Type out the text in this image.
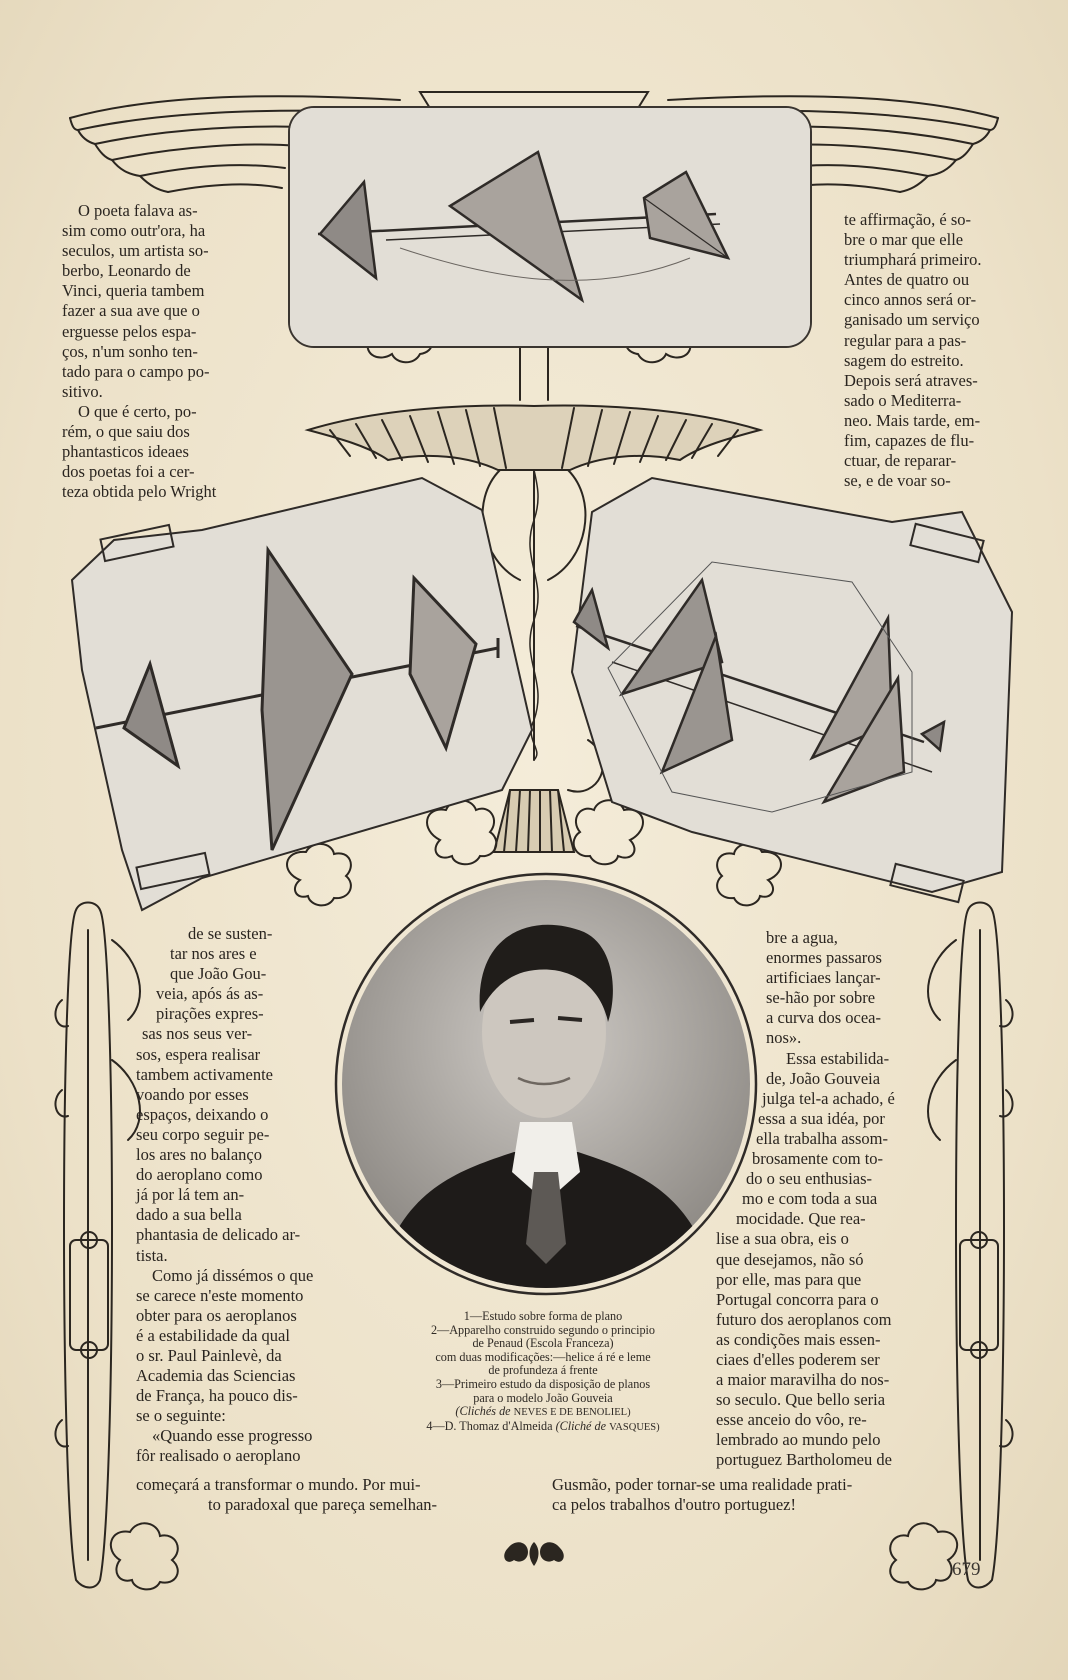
O poeta falava as-

sim como outr'ora, ha

seculos, um artista so-

berbo, Leonardo de

Vinci, queria tambem

fazer a sua ave que o

erguesse pelos espa-

ços, n'um sonho ten-

tado para o campo po-

sitivo.

O que é certo, po-

rém, o que saiu dos

phantasticos ideaes

dos poetas foi a cer-

teza obtida pelo Wright

te affirmação, é so-

bre o mar que elle

triumphará primeiro.

Antes de quatro ou

cinco annos será or-

ganisado um serviço

regular para a pas-

sagem do estreito.

Depois será atraves-

sado o Mediterra-

neo. Mais tarde, em-

fim, capazes de flu-

ctuar, de reparar-

se, e de voar so-

de se susten-

tar nos ares e

que João Gou-

veia, após ás as-

pirações expres-

sas nos seus ver-

sos, espera realisar

tambem activamente

voando por esses

espaços, deixando o

seu corpo seguir pe-

los ares no balanço

do aeroplano como

já por lá tem an-

dado a sua bella

phantasia de delicado ar-

tista.

Como já dissémos o que

se carece n'este momento

obter para os aeroplanos

é a estabilidade da qual

o sr. Paul Painlevè, da

Academia das Sciencias

de França, ha pouco dis-

se o seguinte:

«Quando esse progresso

fôr realisado o aeroplano

bre a agua,

enormes passaros

artificiaes lançar-

se-hão por sobre

a curva dos ocea-

nos».

Essa estabilida-

de, João Gouveia

julga tel-a achado, é

essa a sua idéa, por

ella trabalha assom-

brosamente com to-

do o seu enthusias-

mo e com toda a sua

mocidade. Que rea-

lise a sua obra, eis o

que desejamos, não só

por elle, mas para que

Portugal concorra para o

futuro dos aeroplanos com

as condições mais essen-

ciaes d'elles poderem ser

a maior maravilha do nos-

so seculo. Que bello seria

esse anceio do vôo, re-

lembrado ao mundo pelo

portuguez Bartholomeu de

começará a transformar o mundo. Por mui-

to paradoxal que pareça semelhan-

Gusmão, poder tornar-se uma realidade prati-

ca pelos trabalhos d'outro portuguez!

1—Estudo sobre forma de plano
2—Apparelho construido segundo o principio
de Penaud (Escola Franceza)
com duas modificações:—helice á ré e leme
de profundeza á frente
3—Primeiro estudo da disposição de planos
para o modelo João Gouveia
(Clichés de NEVES E DE BENOLIEL)
4—D. Thomaz d'Almeida (Cliché de VASQUES)
679
